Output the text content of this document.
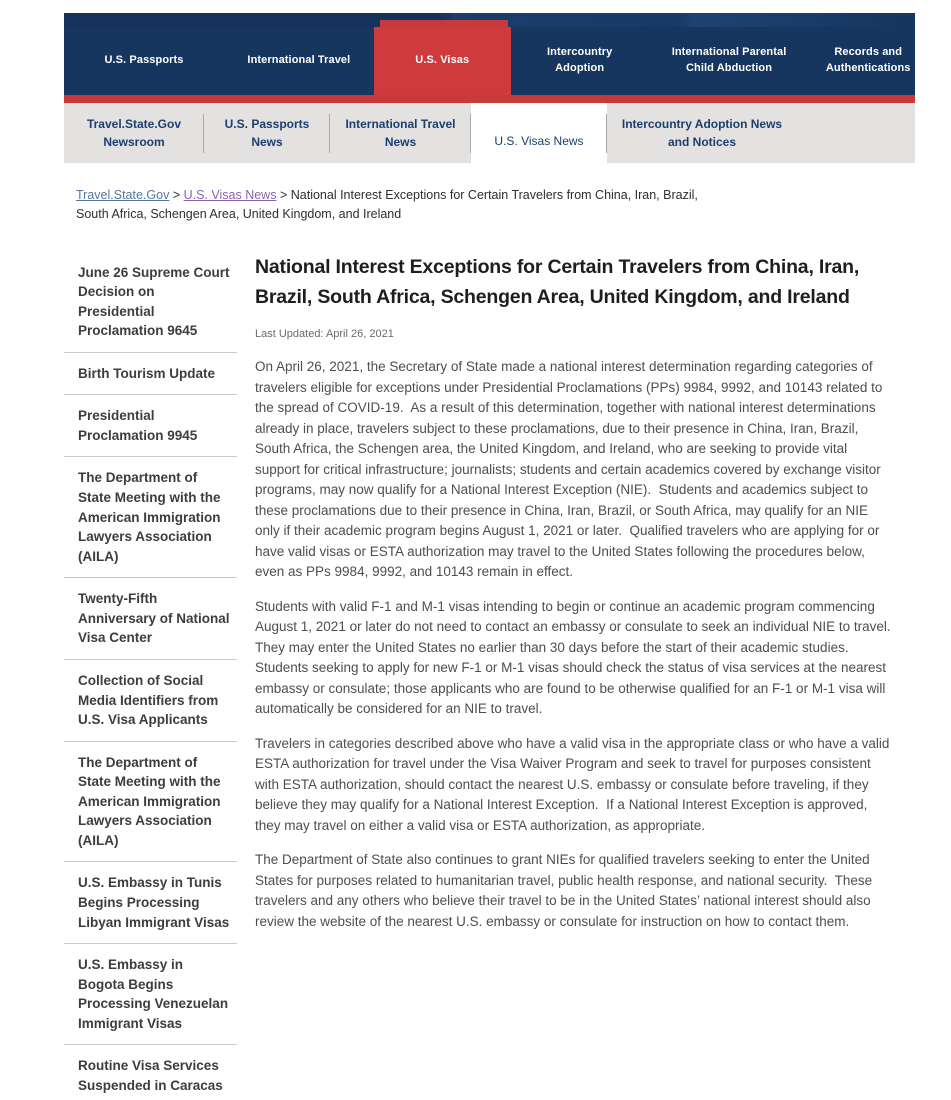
U.S. Passports	International Travel	U.S. Visas
Intercountry Adoption
International Parental Child Abduction
Records and Authentications
Travel.State.Gov Newsroom
U.S. Passports News
International Travel News	U.S. Visas News
Intercountry Adoption News and Notices
Travel.State.Gov > U.S. Visas News > National Interest Exceptions for Certain Travelers from China, Iran, Brazil, South Africa, Schengen Area, United Kingdom, and Ireland
June 26 Supreme Court Decision on Presidential Proclamation 9645
Birth Tourism Update
Presidential Proclamation 9945
The Department of State Meeting with the American Immigration Lawyers Association (AILA)
Twenty-Fifth Anniversary of National Visa Center
Collection of Social Media Identifiers from U.S. Visa Applicants
The Department of State Meeting with the American Immigration Lawyers Association (AILA)
U.S. Embassy in Tunis Begins Processing Libyan Immigrant Visas
U.S. Embassy in Bogota Begins Processing Venezuelan Immigrant Visas
Routine Visa Services Suspended in Caracas
National Interest Exceptions for Certain Travelers from China, Iran, Brazil, South Africa, Schengen Area, United Kingdom, and Ireland
Last Updated: April 26, 2021

On April 26, 2021, the Secretary of State made a national interest determination regarding categories of travelers eligible for exceptions under Presidential Proclamations (PPs) 9984, 9992, and 10143 related to the spread of COVID-19.  As a result of this determination, together with national interest determinations already in place, travelers subject to these proclamations, due to their presence in China, Iran, Brazil, South Africa, the Schengen area, the United Kingdom, and Ireland, who are seeking to provide vital support for critical infrastructure; journalists; students and certain academics covered by exchange visitor programs, may now qualify for a National Interest Exception (NIE).  Students and academics subject to these proclamations due to their presence in China, Iran, Brazil, or South Africa, may qualify for an NIE only if their academic program begins August 1, 2021 or later.  Qualified travelers who are applying for or have valid visas or ESTA authorization may travel to the United States following the procedures below, even as PPs 9984, 9992, and 10143 remain in effect.

Students with valid F-1 and M-1 visas intending to begin or continue an academic program commencing August 1, 2021 or later do not need to contact an embassy or consulate to seek an individual NIE to travel.  They may enter the United States no earlier than 30 days before the start of their academic studies.  Students seeking to apply for new F-1 or M-1 visas should check the status of visa services at the nearest embassy or consulate; those applicants who are found to be otherwise qualified for an F-1 or M-1 visa will automatically be considered for an NIE to travel.

Travelers in categories described above who have a valid visa in the appropriate class or who have a valid ESTA authorization for travel under the Visa Waiver Program and seek to travel for purposes consistent with ESTA authorization, should contact the nearest U.S. embassy or consulate before traveling, if they believe they may qualify for a National Interest Exception.  If a National Interest Exception is approved, they may travel on either a valid visa or ESTA authorization, as appropriate.

The Department of State also continues to grant NIEs for qualified travelers seeking to enter the United States for purposes related to humanitarian travel, public health response, and national security.  These travelers and any others who believe their travel to be in the United States’ national interest should also review the website of the nearest U.S. embassy or consulate for instruction on how to contact them.
